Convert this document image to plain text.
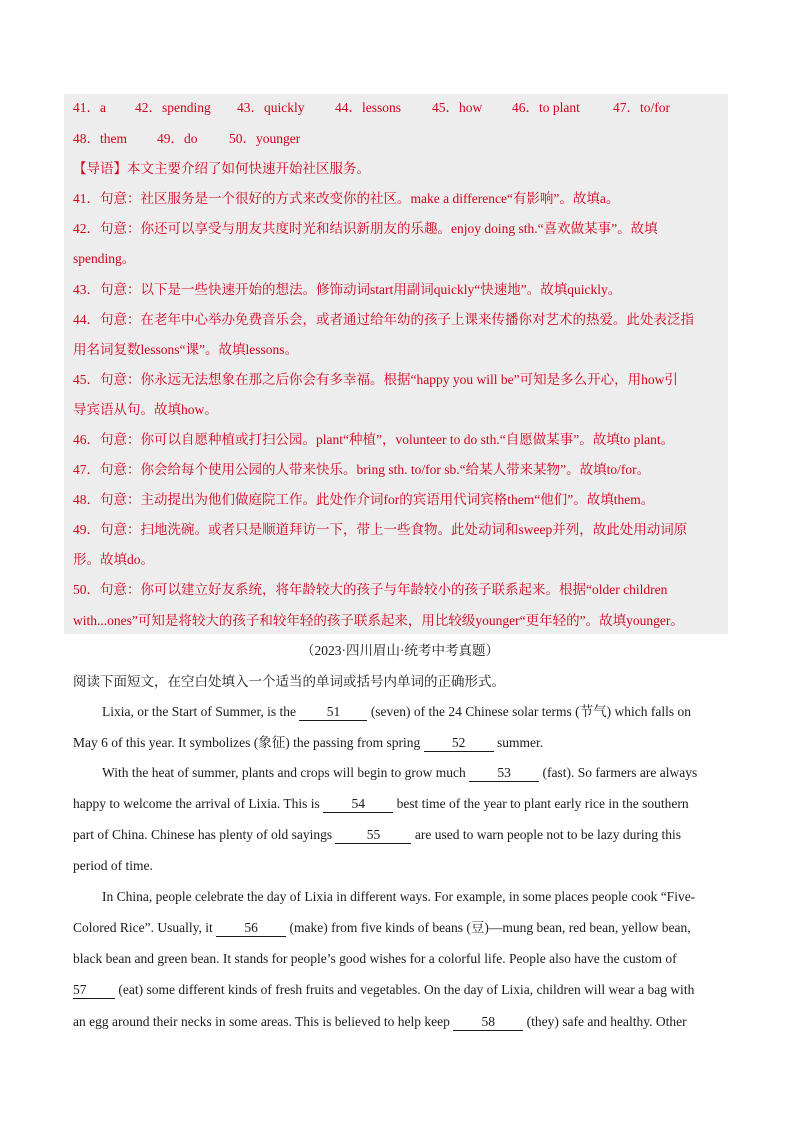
41．a 42．spending 43．quickly 44．lessons 45．how 46．to plant 47．to/for
48．them 49．do 50．younger
【导语】本文主要介绍了如何快速开始社区服务。
41．句意：社区服务是一个很好的方式来改变你的社区。make a difference“有影响”。故填a。
42．句意：你还可以享受与朋友共度时光和结识新朋友的乐趣。enjoy doing sth.“喜欢做某事”。故填
spending。
43．句意：以下是一些快速开始的想法。修饰动词start用副词quickly“快速地”。故填quickly。
44．句意：在老年中心举办免费音乐会，或者通过给年幼的孩子上课来传播你对艺术的热爱。此处表泛指
用名词复数lessons“课”。故填lessons。
45．句意：你永远无法想象在那之后你会有多幸福。根据“happy you will be”可知是多么开心，用how引
导宾语从句。故填how。
46．句意：你可以自愿种植或打扫公园。plant“种植”，volunteer to do sth.“自愿做某事”。故填to plant。
47．句意：你会给每个使用公园的人带来快乐。bring sth. to/for sb.“给某人带来某物”。故填to/for。
48．句意：主动提出为他们做庭院工作。此处作介词for的宾语用代词宾格them“他们”。故填them。
49．句意：扫地洗碗。或者只是顺道拜访一下，带上一些食物。此处动词和sweep并列，故此处用动词原
形。故填do。
50．句意：你可以建立好友系统，将年龄较大的孩子与年龄较小的孩子联系起来。根据“older children
with...ones”可知是将较大的孩子和较年轻的孩子联系起来，用比较级younger“更年轻的”。故填younger。
（2023·四川眉山·统考中考真题）
阅读下面短文，在空白处填入一个适当的单词或括号内单词的正确形式。
Lixia, or the Start of Summer, is the 51 (seven) of the 24 Chinese solar terms (节气) which falls on
May 6 of this year. It symbolizes (象征) the passing from spring 52 summer.
With the heat of summer, plants and crops will begin to grow much 53 (fast). So farmers are always
happy to welcome the arrival of Lixia. This is 54 best time of the year to plant early rice in the southern
part of China. Chinese has plenty of old sayings 55 are used to warn people not to be lazy during this
period of time.
In China, people celebrate the day of Lixia in different ways. For example, in some places people cook “Five-
Colored Rice”. Usually, it 56 (make) from five kinds of beans (豆)—mung bean, red bean, yellow bean,
black bean and green bean. It stands for people’s good wishes for a colorful life. People also have the custom of
57 (eat) some different kinds of fresh fruits and vegetables. On the day of Lixia, children will wear a bag with
an egg around their necks in some areas. This is believed to help keep 58 (they) safe and healthy. Other
